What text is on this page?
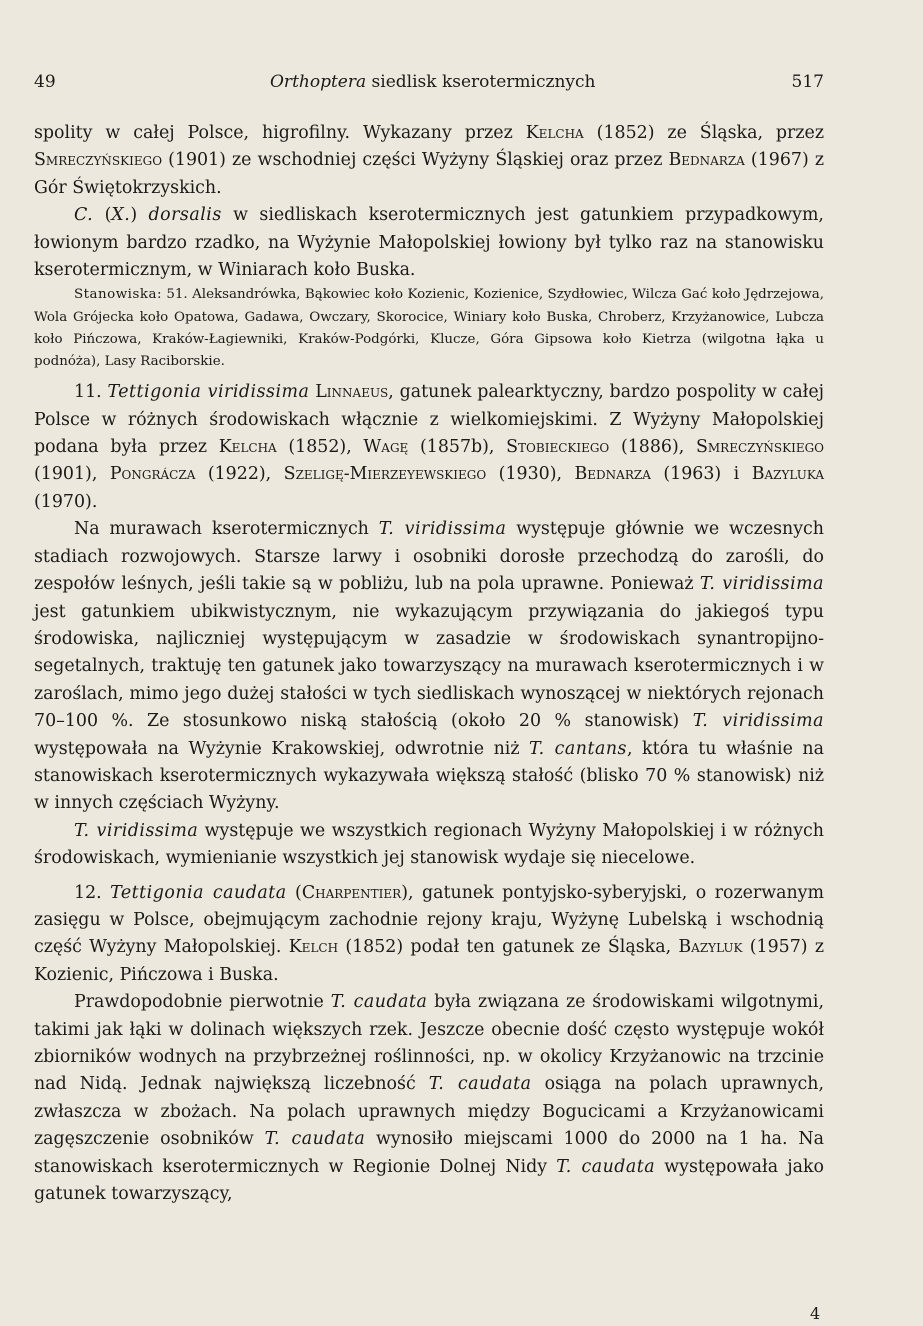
49	Orthoptera siedlisk kserotermicznych	517

spolity w całej Polsce, higrofilny. Wykazany przez Kelcha (1852) ze Śląska, przez Smreczyńskiego (1901) ze wschodniej części Wyżyny Śląskiej oraz przez Bednarza (1967) z Gór Świętokrzyskich.

C. (X.) dorsalis w siedliskach kserotermicznych jest gatunkiem przypadkowym, łowionym bardzo rzadko, na Wyżynie Małopolskiej łowiony był tylko raz na stanowisku kserotermicznym, w Winiarach koło Buska.

Stanowiska: 51. Aleksandrówka, Bąkowiec koło Kozienic, Kozienice, Szydłowiec, Wilcza Gać koło Jędrzejowa, Wola Grójecka koło Opatowa, Gadawa, Owczary, Skorocice, Winiary koło Buska, Chroberz, Krzyżanowice, Lubcza koło Pińczowa, Kraków-Łagiewniki, Kraków-Podgórki, Klucze, Góra Gipsowa koło Kietrza (wilgotna łąka u podnóża), Lasy Raciborskie.

11. Tettigonia viridissima Linnaeus, gatunek palearktyczny, bardzo pospolity w całej Polsce w różnych środowiskach włącznie z wielkomiejskimi. Z Wyżyny Małopolskiej podana była przez Kelcha (1852), Wagę (1857b), Stobieckiego (1886), Smreczyńskiego (1901), Pongrácza (1922), Szeligę-Mierzeyewskiego (1930), Bednarza (1963) i Bazyluka (1970).

Na murawach kserotermicznych T. viridissima występuje głównie we wczesnych stadiach rozwojowych. Starsze larwy i osobniki dorosłe przechodzą do zarośli, do zespołów leśnych, jeśli takie są w pobliżu, lub na pola uprawne. Ponieważ T. viridissima jest gatunkiem ubikwistycznym, nie wykazującym przywiązania do jakiegoś typu środowiska, najliczniej występującym w zasadzie w środowiskach synantropijno-segetalnych, traktuję ten gatunek jako towarzyszący na murawach kserotermicznych i w zaroślach, mimo jego dużej stałości w tych siedliskach wynoszącej w niektórych rejonach 70–100 %. Ze stosunkowo niską stałością (około 20 % stanowisk) T. viridissima występowała na Wyżynie Krakowskiej, odwrotnie niż T. cantans, która tu właśnie na stanowiskach kserotermicznych wykazywała większą stałość (blisko 70 % stanowisk) niż w innych częściach Wyżyny.

T. viridissima występuje we wszystkich regionach Wyżyny Małopolskiej i w różnych środowiskach, wymienianie wszystkich jej stanowisk wydaje się niecelowe.

12. Tettigonia caudata (Charpentier), gatunek pontyjsko-syberyjski, o rozerwanym zasięgu w Polsce, obejmującym zachodnie rejony kraju, Wyżynę Lubelską i wschodnią część Wyżyny Małopolskiej. Kelch (1852) podał ten gatunek ze Śląska, Bazyluk (1957) z Kozienic, Pińczowa i Buska.

Prawdopodobnie pierwotnie T. caudata była związana ze środowiskami wilgotnymi, takimi jak łąki w dolinach większych rzek. Jeszcze obecnie dość często występuje wokół zbiorników wodnych na przybrzeżnej roślinności, np. w okolicy Krzyżanowic na trzcinie nad Nidą. Jednak największą liczebność T. caudata osiąga na polach uprawnych, zwłaszcza w zbożach. Na polach uprawnych między Bogucicami a Krzyżanowicami zagęszczenie osobników T. caudata wynosiło miejscami 1000 do 2000 na 1 ha. Na stanowiskach kserotermicznych w Regionie Dolnej Nidy T. caudata występowała jako gatunek towarzyszący,

4
